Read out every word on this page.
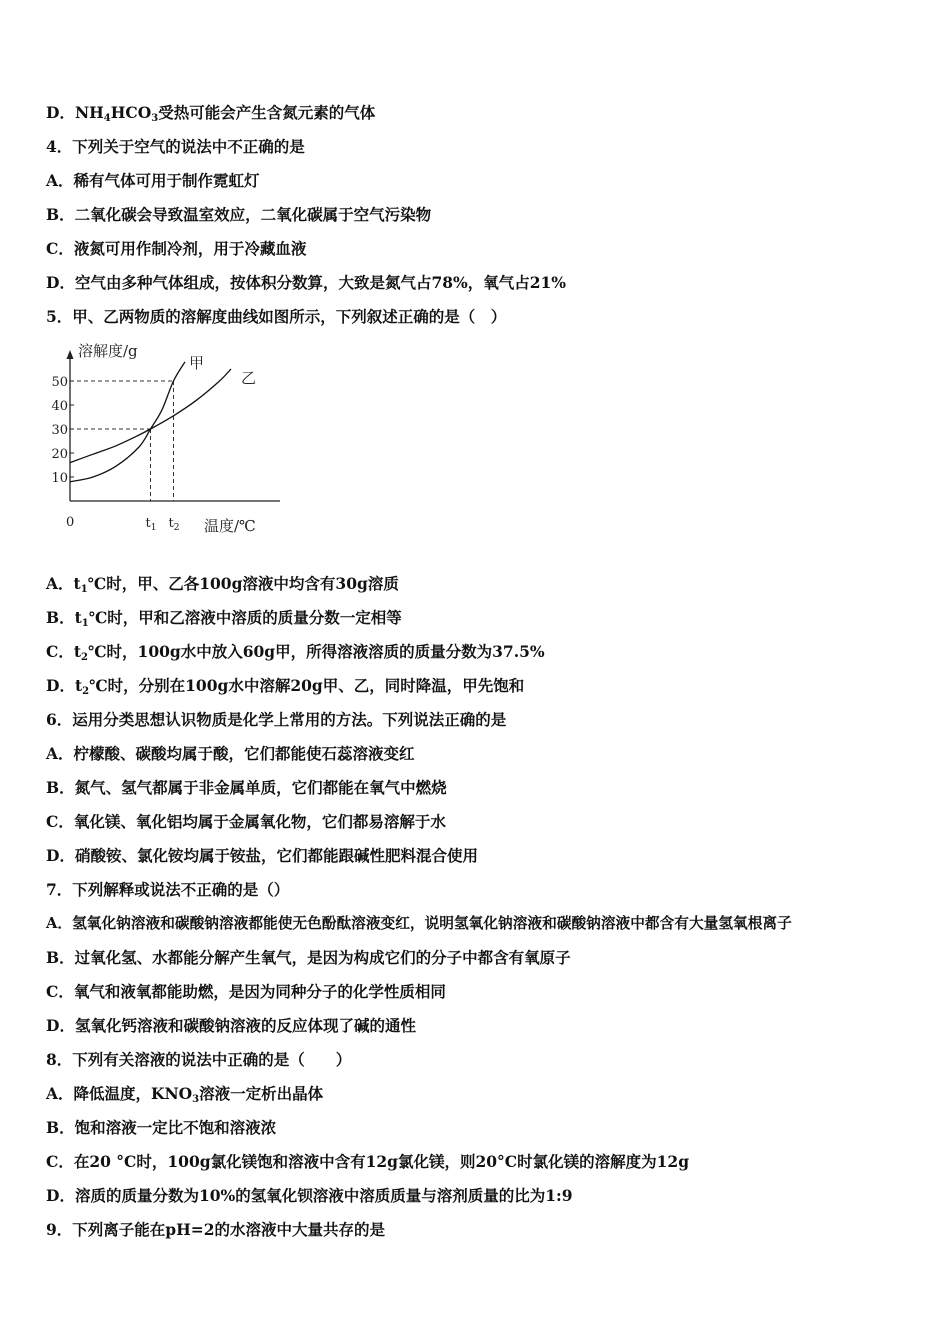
D．$NH_4HCO_3$受热可能会产生含氮元素的气体
4．下列关于空气的说法中不正确的是
A．稀有气体可用于制作霓虹灯
B．二氧化碳会导致温室效应，二氧化碳属于空气污染物
C．液氮可用作制冷剂，用于冷藏血液
D．空气由多种气体组成，按体积分数算，大致是氮气占78%，氧气占21%
5．甲、乙两物质的溶解度曲线如图所示，下列叙述正确的是（　）
溶解度/g
温度/℃
0
甲
乙
10
20
30
40
50
$t_1$ $t_2$
A．$t_1℃$时，甲、乙各100g溶液中均含有30g溶质
B．$t_1℃$时，甲和乙溶液中溶质的质量分数一定相等
C．$t_2℃$时，100g水中放入60g甲，所得溶液溶质的质量分数为37.5%
D．$t_2℃$时，分别在100g水中溶解20g甲、乙，同时降温，甲先饱和
6．运用分类思想认识物质是化学上常用的方法。下列说法正确的是
A．柠檬酸、碳酸均属于酸，它们都能使石蕊溶液变红
B．氮气、氢气都属于非金属单质，它们都能在氧气中燃烧
C．氧化镁、氧化铝均属于金属氧化物，它们都易溶解于水
D．硝酸铵、氯化铵均属于铵盐，它们都能跟碱性肥料混合使用
7．下列解释或说法不正确的是（）
A．氢氧化钠溶液和碳酸钠溶液都能使无色酚酞溶液变红，说明氢氧化钠溶液和碳酸钠溶液中都含有大量氢氧根离子
B．过氧化氢、水都能分解产生氧气，是因为构成它们的分子中都含有氧原子
C．氧气和液氧都能助燃，是因为同种分子的化学性质相同
D．氢氧化钙溶液和碳酸钠溶液的反应体现了碱的通性
8．下列有关溶液的说法中正确的是（　　）
A．降低温度，$KNO_3$溶液一定析出晶体
B．饱和溶液一定比不饱和溶液浓
C．在20 °C时，100g氯化镁饱和溶液中含有12g氯化镁，则20°C时氯化镁的溶解度为12g
D．溶质的质量分数为10%的氢氧化钡溶液中溶质质量与溶剂质量的比为1:9
9．下列离子能在pH=2的水溶液中大量共存的是
